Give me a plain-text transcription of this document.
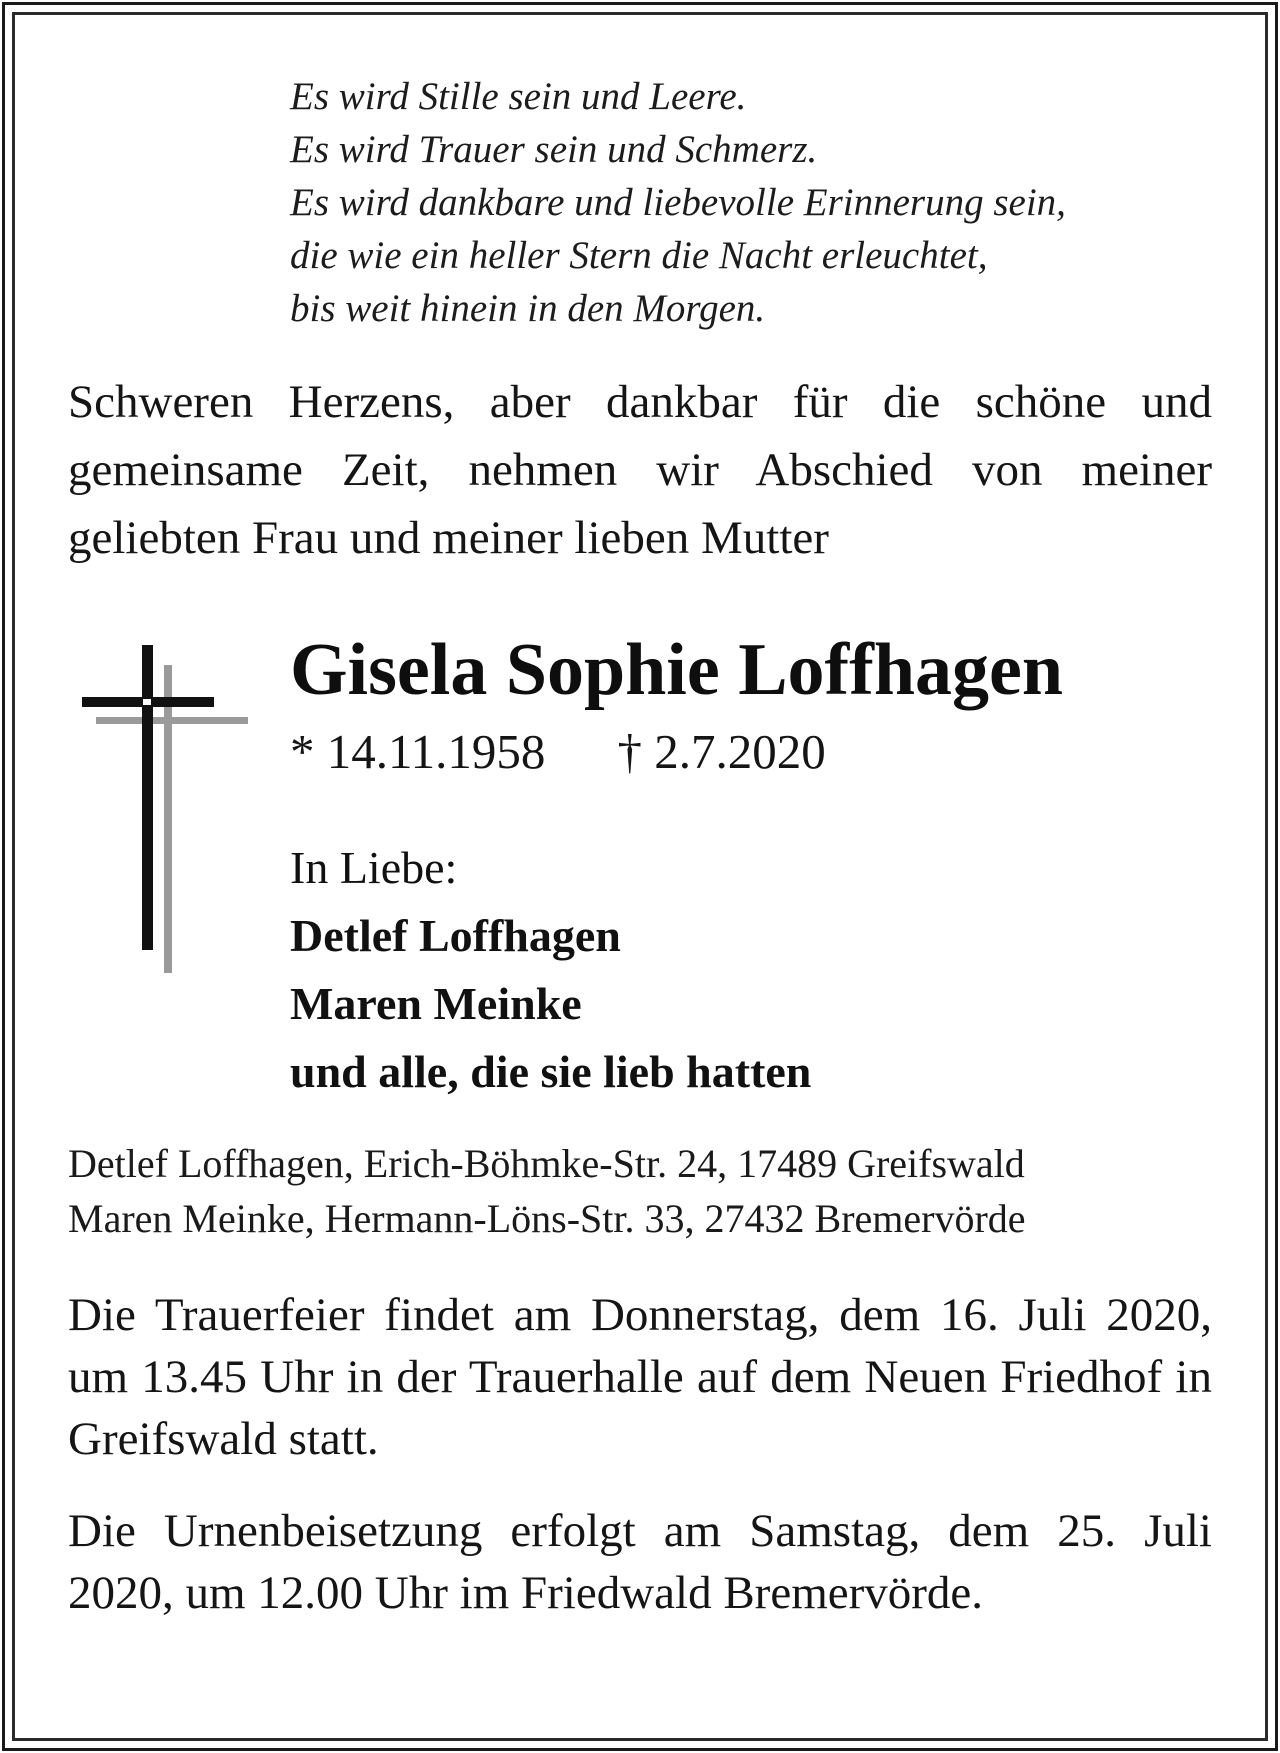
Es wird Stille sein und Leere.
Es wird Trauer sein und Schmerz.
Es wird dankbare und liebevolle Erinnerung sein,
die wie ein heller Stern die Nacht erleuchtet,
bis weit hinein in den Morgen.
Schweren Herzens, aber dankbar für die schöne und gemeinsame Zeit, nehmen wir Abschied von meiner geliebten Frau und meiner lieben Mutter
Gisela Sophie Loffhagen
* 14.11.1958 † 2.7.2020
In Liebe:
Detlef Loffhagen
Maren Meinke
und alle, die sie lieb hatten
Detlef Loffhagen, Erich-Böhmke-Str. 24, 17489 Greifswald
Maren Meinke, Hermann-Löns-Str. 33, 27432 Bremervörde
Die Trauerfeier findet am Donnerstag, dem 16. Juli 2020, um 13.45 Uhr in der Trauerhalle auf dem Neuen Friedhof in Greifswald statt.
Die Urnenbeisetzung erfolgt am Samstag, dem 25. Juli 2020, um 12.00 Uhr im Friedwald Bremervörde.
